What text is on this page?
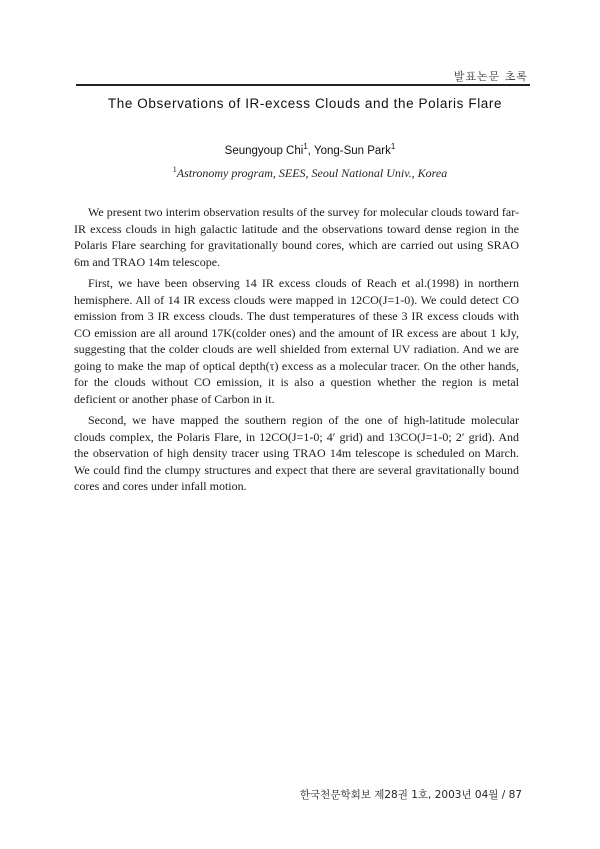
발표논문 초록
The Observations of IR-excess Clouds and the Polaris Flare
Seungyoup Chi$^1$, Yong-Sun Park$^1$
$^1$Astronomy program, SEES, Seoul National Univ., Korea

We present two interim observation results of the survey for molecular clouds toward far-IR excess clouds in high galactic latitude and the observations toward dense region in the Polaris Flare searching for gravitationally bound cores, which are carried out using SRAO 6m and TRAO 14m telescope.

First, we have been observing 14 IR excess clouds of Reach et al.(1998) in northern hemisphere. All of 14 IR excess clouds were mapped in 12CO(J=1-0). We could detect CO emission from 3 IR excess clouds. The dust temperatures of these 3 IR excess clouds with CO emission are all around 17K(colder ones) and the amount of IR excess are about 1 kJy, suggesting that the colder clouds are well shielded from external UV radiation. And we are going to make the map of optical depth(τ) excess as a molecular tracer. On the other hands, for the clouds without CO emission, it is also a question whether the region is metal deficient or another phase of Carbon in it.

Second, we have mapped the southern region of the one of high-latitude molecular clouds complex, the Polaris Flare, in 12CO(J=1-0; 4′ grid) and 13CO(J=1-0; 2′ grid). And the observation of high density tracer using TRAO 14m telescope is scheduled on March. We could find the clumpy structures and expect that there are several gravitationally bound cores and cores under infall motion.

한국천문학회보 제28권 1호, 2003년 04월 / 87
